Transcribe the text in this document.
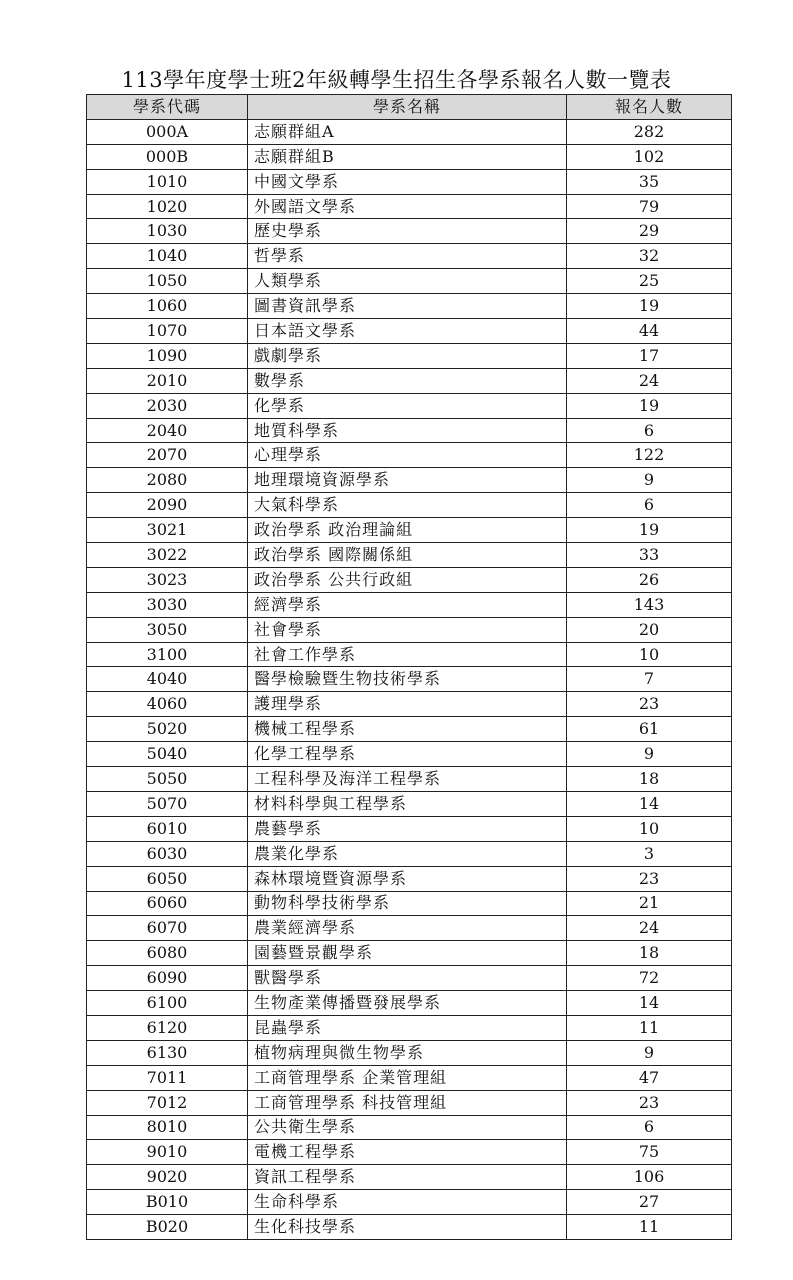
113學年度學士班2年級轉學生招生各學系報名人數一覽表
學系代碼	學系名稱	報名人數
000A	志願群組A	282
000B	志願群組B	102
1010	中國文學系	35
1020	外國語文學系	79
1030	歷史學系	29
1040	哲學系	32
1050	人類學系	25
1060	圖書資訊學系	19
1070	日本語文學系	44
1090	戲劇學系	17
2010	數學系	24
2030	化學系	19
2040	地質科學系	6
2070	心理學系	122
2080	地理環境資源學系	9
2090	大氣科學系	6
3021	政治學系 政治理論組	19
3022	政治學系 國際關係組	33
3023	政治學系 公共行政組	26
3030	經濟學系	143
3050	社會學系	20
3100	社會工作學系	10
4040	醫學檢驗暨生物技術學系	7
4060	護理學系	23
5020	機械工程學系	61
5040	化學工程學系	9
5050	工程科學及海洋工程學系	18
5070	材料科學與工程學系	14
6010	農藝學系	10
6030	農業化學系	3
6050	森林環境暨資源學系	23
6060	動物科學技術學系	21
6070	農業經濟學系	24
6080	園藝暨景觀學系	18
6090	獸醫學系	72
6100	生物產業傳播暨發展學系	14
6120	昆蟲學系	11
6130	植物病理與微生物學系	9
7011	工商管理學系 企業管理組	47
7012	工商管理學系 科技管理組	23
8010	公共衛生學系	6
9010	電機工程學系	75
9020	資訊工程學系	106
B010	生命科學系	27
B020	生化科技學系	11
